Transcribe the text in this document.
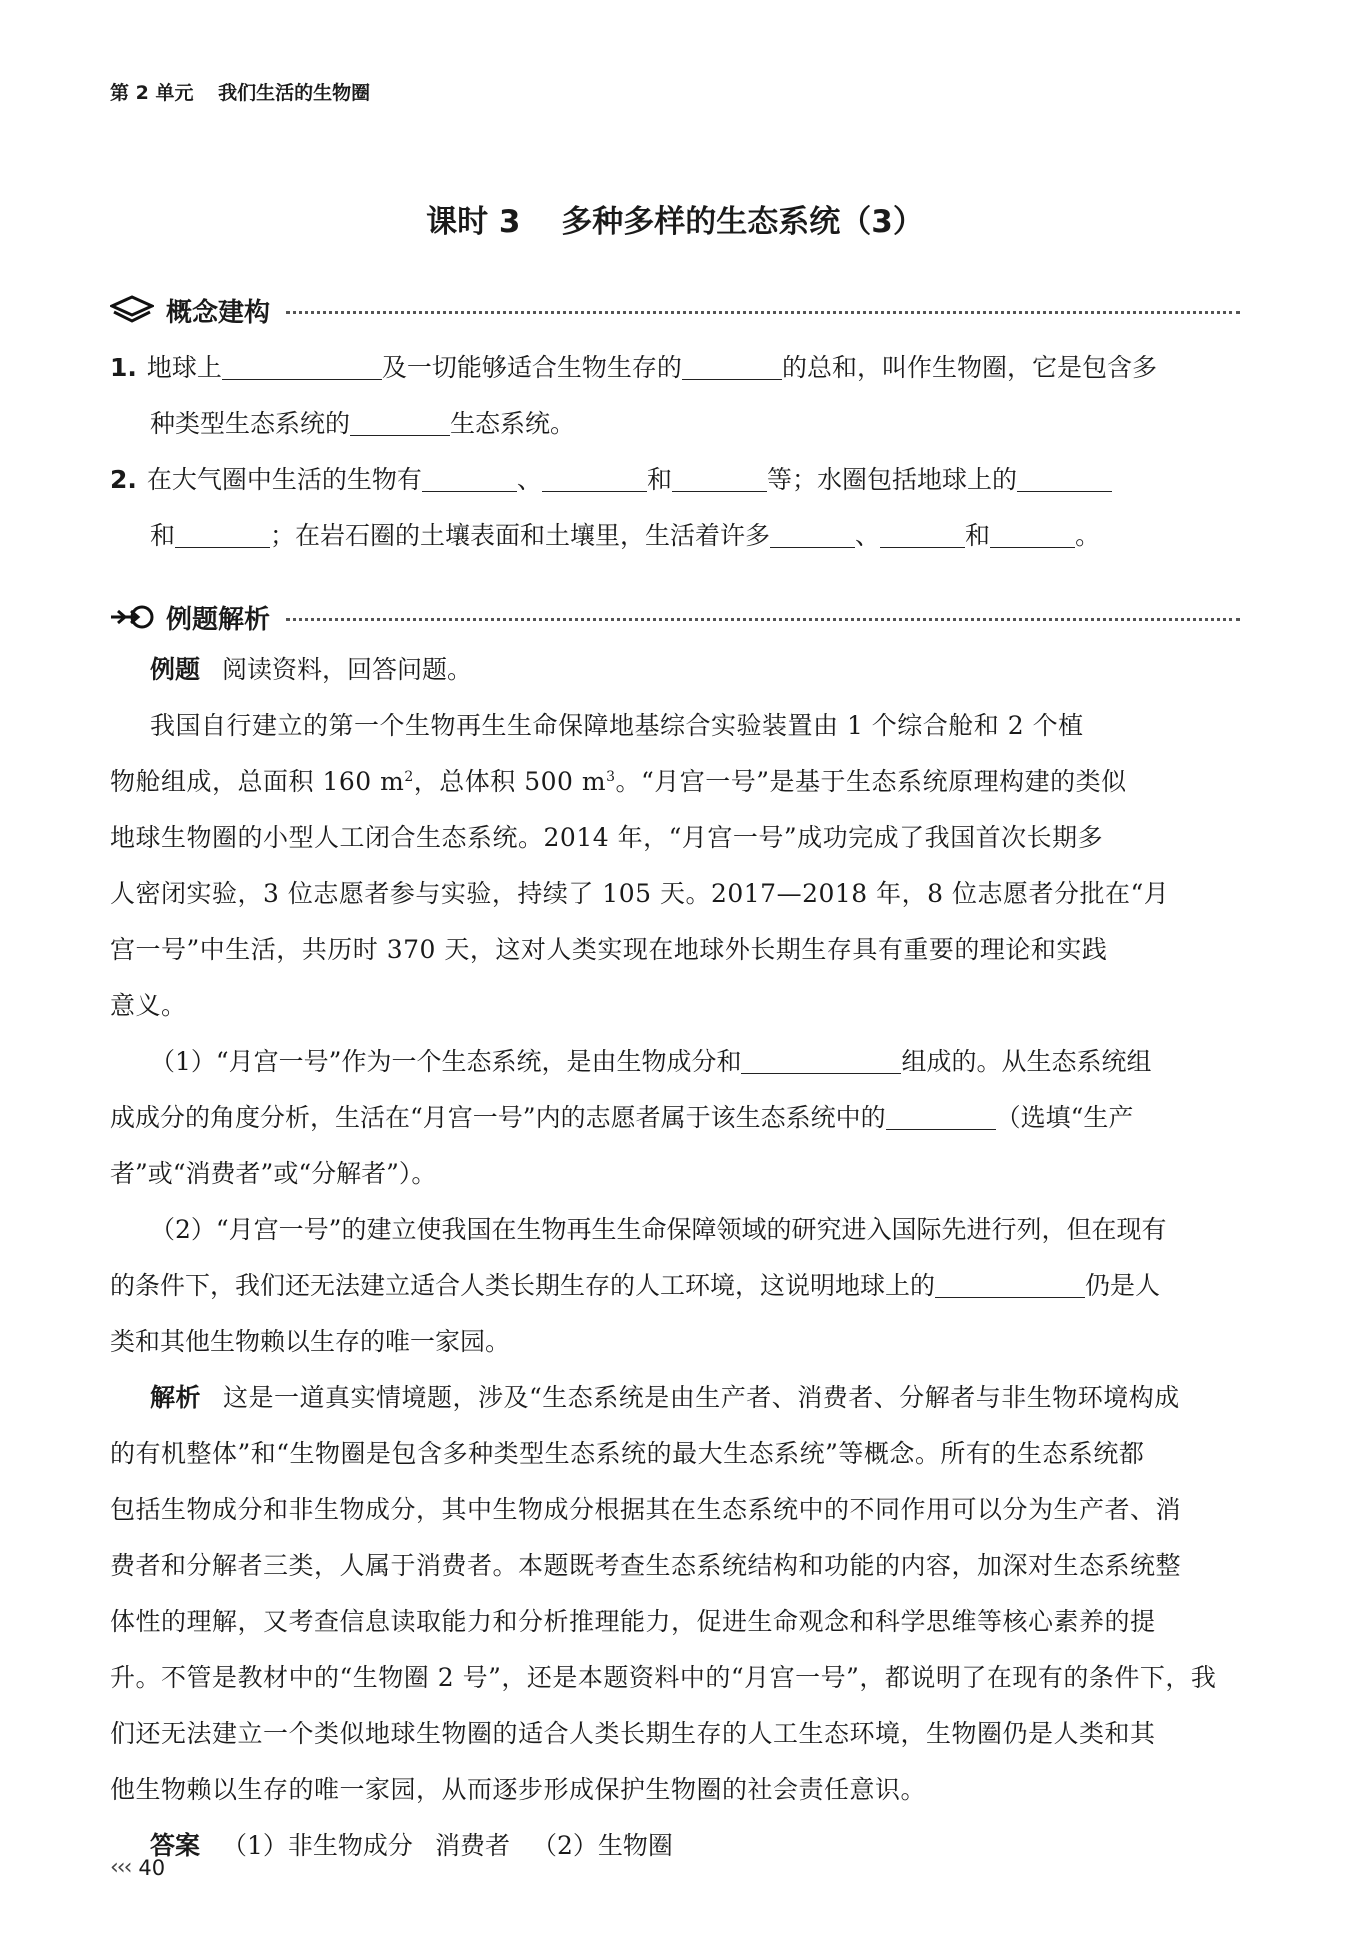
第 2 单元 我们生活的生物圈
课时 3 多种多样的生态系统（3）
概念建构
1. 地球上	及一切能够适合生物生存的	的总和，叫作生物圈，它是包含多
种类型生态系统的	生态系统。
2. 在大气圈中生活的生物有	、	和	等；水圈包括地球上的
和	；在岩石圈的土壤表面和土壤里，生活着许多	、	和	。
例题解析
例题 阅读资料，回答问题。
我国自行建立的第一个生物再生生命保障地基综合实验装置由 1 个综合舱和 2 个植
物舱组成，总面积 160 $m^2$，总体积 500 $m^3$。“月宫一号”是基于生态系统原理构建的类似
地球生物圈的小型人工闭合生态系统。2014 年，“月宫一号”成功完成了我国首次长期多
人密闭实验，3 位志愿者参与实验，持续了 105 天。2017—2018 年，8 位志愿者分批在“月
宫一号”中生活，共历时 370 天，这对人类实现在地球外长期生存具有重要的理论和实践
意义。
（1）“月宫一号”作为一个生态系统，是由生物成分和	组成的。从生态系统组
成成分的角度分析，生活在“月宫一号”内的志愿者属于该生态系统中的	（选填“生产
者”或“消费者”或“分解者”）。
（2）“月宫一号”的建立使我国在生物再生生命保障领域的研究进入国际先进行列，但在现有
的条件下，我们还无法建立适合人类长期生存的人工环境，这说明地球上的	仍是人
类和其他生物赖以生存的唯一家园。
解析 这是一道真实情境题，涉及“生态系统是由生产者、消费者、分解者与非生物环境构成
的有机整体”和“生物圈是包含多种类型生态系统的最大生态系统”等概念。所有的生态系统都
包括生物成分和非生物成分，其中生物成分根据其在生态系统中的不同作用可以分为生产者、消
费者和分解者三类，人属于消费者。本题既考查生态系统结构和功能的内容，加深对生态系统整
体性的理解，又考查信息读取能力和分析推理能力，促进生命观念和科学思维等核心素养的提
升。不管是教材中的“生物圈 2 号”，还是本题资料中的“月宫一号”，都说明了在现有的条件下，我
们还无法建立一个类似地球生物圈的适合人类长期生存的人工生态环境，生物圈仍是人类和其
他生物赖以生存的唯一家园，从而逐步形成保护生物圈的社会责任意识。
答案 （1）非生物成分 消费者 （2）生物圈
‹‹‹ 40
